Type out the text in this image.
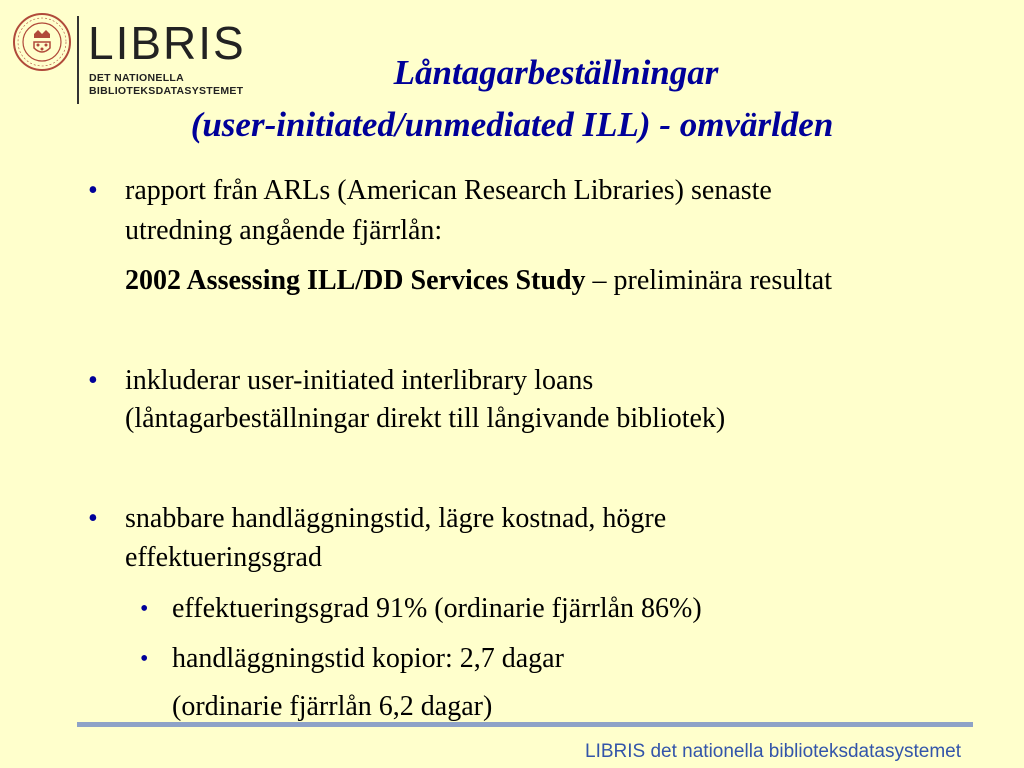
LIBRIS
DET NATIONELLA
BIBLIOTEKSDATASYSTEMET	Låntagarbeställningar
(user-initiated/unmediated ILL) - omvärlden
• rapport från ARLs (American Research Libraries) senaste
utredning angående fjärrlån:
2002 Assessing ILL/DD Services Study – preliminära resultat
• inkluderar user-initiated interlibrary loans
(låntagarbeställningar direkt till långivande bibliotek)
• snabbare handläggningstid, lägre kostnad, högre
effektueringsgrad
• effektueringsgrad 91% (ordinarie fjärrlån 86%)
• handläggningstid kopior: 2,7 dagar
(ordinarie fjärrlån 6,2 dagar)
LIBRIS det nationella biblioteksdatasystemet
